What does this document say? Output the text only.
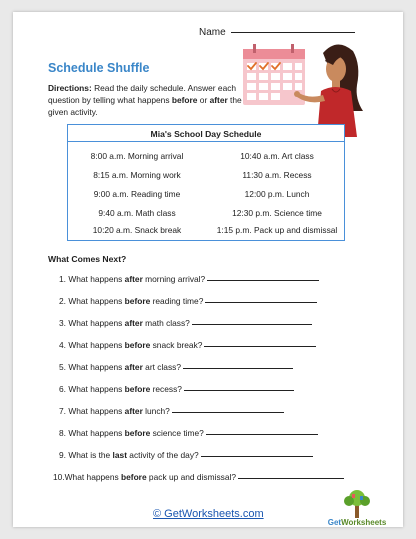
Name
Schedule Shuffle
Directions: Read the daily schedule. Answer each question by telling what happens before or after the given activity.
Mia's School Day Schedule
8:00 a.m. Morning arrival	10:40 a.m. Art class
8:15 a.m. Morning work	11:30 a.m. Recess
9:00 a.m. Reading time	12:00 p.m. Lunch
9:40 a.m. Math class	12:30 p.m. Science time
10:20 a.m. Snack break	1:15 p.m. Pack up and dismissal
What Comes Next?
1. What happens after morning arrival?
2. What happens before reading time?
3. What happens after math class?
4. What happens before snack break?
5. What happens after art class?
6. What happens before recess?
7. What happens after lunch?
8. What happens before science time?
9. What is the last activity of the day?
10.What happens before pack up and dismissal?
© GetWorksheets.com
GetWorksheets
